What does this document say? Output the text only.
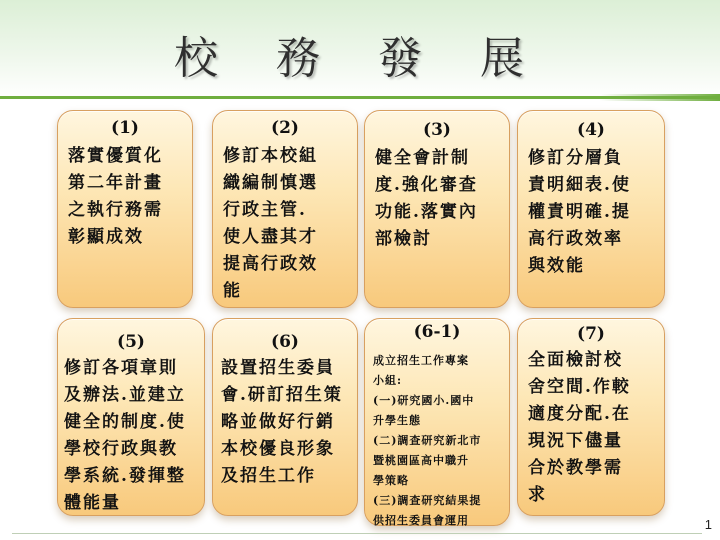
校 務 發 展
(1)
落實優質化
第二年計畫
之執行務需
彰顯成效
(2)
修訂本校組
織編制慎選
行政主管.
使人盡其才
提高行政效
能
(3)
健全會計制
度.強化審查
功能.落實內
部檢討
(4)
修訂分層負
責明細表.使
權責明確.提
高行政效率
與效能
(5)
修訂各項章則
及辦法.並建立
健全的制度.使
學校行政與教
學系統.發揮整
體能量
(6)
設置招生委員
會.研訂招生策
略並做好行銷
本校優良形象
及招生工作
(6-1)
成立招生工作專案
小組:
(一)研究國小.國中
升學生態
(二)調查研究新北市
暨桃園區高中職升
學策略
(三)調查研究結果提
供招生委員會運用
(7)
全面檢討校
舍空間.作較
適度分配.在
現況下儘量
合於教學需
求
1
